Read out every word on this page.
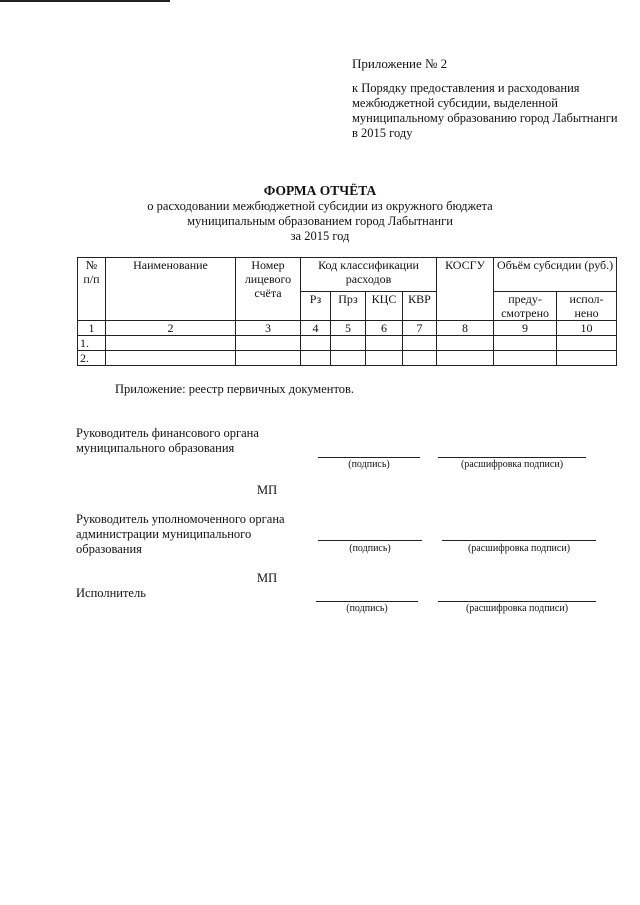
Приложение № 2
к Порядку предоставления и расходования межбюджетной субсидии, выделенной муниципальному образованию город Лабытнанги в 2015 году
ФОРМА ОТЧЁТА
о расходовании межбюджетной субсидии из окружного бюджета
муниципальным образованием город Лабытнанги
за 2015 год
№ п/п	Наименование	Номер лицевого счёта	Код классификации расходов				КОСГУ	Объём субсидии (руб.)	
			Рз	Прз	КЦС	КВР		преду-смотрено	испол-нено
1	2	3	4	5	6	7	8	9	10
1.									
2.									
Приложение: реестр первичных документов.
Руководитель финансового органа муниципального образования
(подпись)	(расшифровка подписи)
МП
Руководитель уполномоченного органа администрации муниципального образования	(подпись)	(расшифровка подписи)
МП
Исполнитель
(подпись)	(расшифровка подписи)
